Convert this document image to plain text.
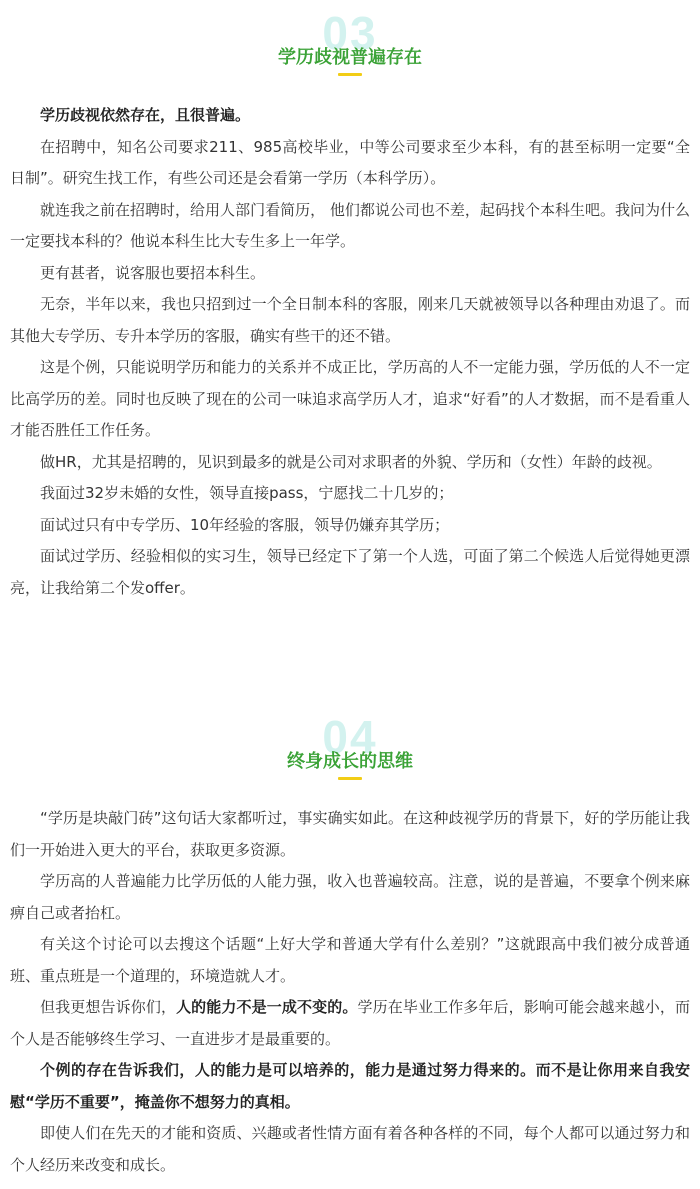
03
学历歧视普遍存在

学历歧视依然存在，且很普遍。

在招聘中，知名公司要求211、985高校毕业，中等公司要求至少本科，有的甚至标明一定要“全日制”。研究生找工作，有些公司还是会看第一学历（本科学历）。

就连我之前在招聘时，给用人部门看简历， 他们都说公司也不差，起码找个本科生吧。我问为什么一定要找本科的？他说本科生比大专生多上一年学。

更有甚者，说客服也要招本科生。

无奈，半年以来，我也只招到过一个全日制本科的客服，刚来几天就被领导以各种理由劝退了。而其他大专学历、专升本学历的客服，确实有些干的还不错。

这是个例，只能说明学历和能力的关系并不成正比，学历高的人不一定能力强，学历低的人不一定比高学历的差。同时也反映了现在的公司一味追求高学历人才，追求“好看”的人才数据，而不是看重人才能否胜任工作任务。

做HR，尤其是招聘的，见识到最多的就是公司对求职者的外貌、学历和（女性）年龄的歧视。

我面过32岁未婚的女性，领导直接pass，宁愿找二十几岁的；

面试过只有中专学历、10年经验的客服，领导仍嫌弃其学历；

面试过学历、经验相似的实习生，领导已经定下了第一个人选，可面了第二个候选人后觉得她更漂亮，让我给第二个发offer。

04
终身成长的思维

“学历是块敲门砖”这句话大家都听过，事实确实如此。在这种歧视学历的背景下，好的学历能让我们一开始进入更大的平台，获取更多资源。

学历高的人普遍能力比学历低的人能力强，收入也普遍较高。注意，说的是普遍，不要拿个例来麻痹自己或者抬杠。

有关这个讨论可以去搜这个话题“上好大学和普通大学有什么差别？”这就跟高中我们被分成普通班、重点班是一个道理的，环境造就人才。

但我更想告诉你们，人的能力不是一成不变的。学历在毕业工作多年后，影响可能会越来越小，而个人是否能够终生学习、一直进步才是最重要的。

个例的存在告诉我们，人的能力是可以培养的，能力是通过努力得来的。而不是让你用来自我安慰“学历不重要”，掩盖你不想努力的真相。

即使人们在先天的才能和资质、兴趣或者性情方面有着各种各样的不同，每个人都可以通过努力和个人经历来改变和成长。
